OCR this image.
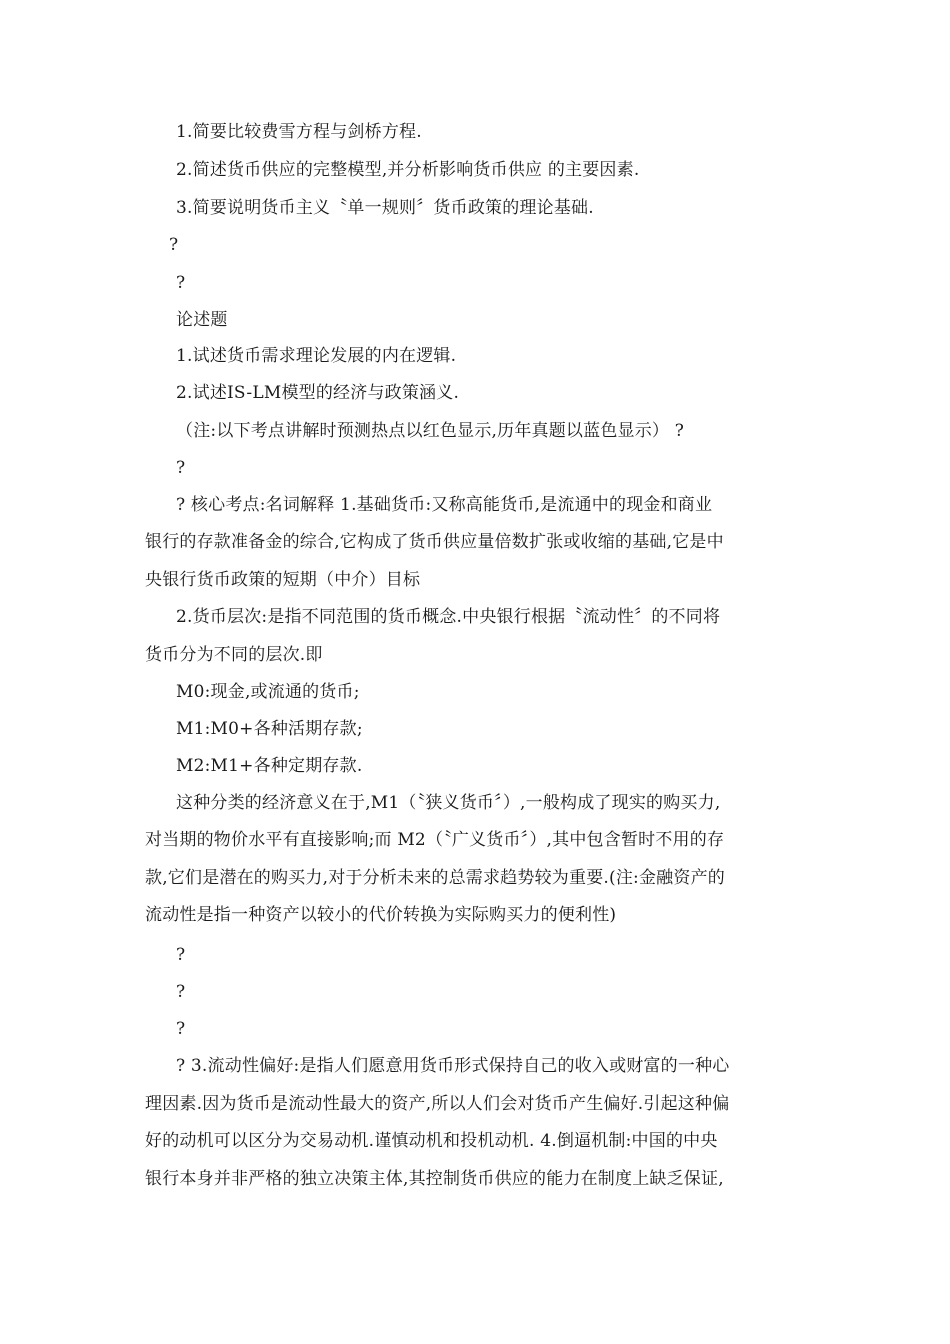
1.简要比较费雪方程与剑桥方程.
2.简述货币供应的完整模型,并分析影响货币供应 的主要因素.
3.简要说明货币主义〝单一规则〞货币政策的理论基础.
?
?
论述题
1.试述货币需求理论发展的内在逻辑.
2.试述IS-LM模型的经济与政策涵义.
（注:以下考点讲解时预测热点以红色显示,历年真题以蓝色显示） ?
?
? 核心考点:名词解释 1.基础货币:又称高能货币,是流通中的现金和商业
银行的存款准备金的综合,它构成了货币供应量倍数扩张或收缩的基础,它是中
央银行货币政策的短期（中介）目标
2.货币层次:是指不同范围的货币概念.中央银行根据〝流动性〞的不同将
货币分为不同的层次.即
M0:现金,或流通的货币;
M1:M0+各种活期存款;
M2:M1+各种定期存款.
这种分类的经济意义在于,M1（〝狭义货币〞）,一般构成了现实的购买力,
对当期的物价水平有直接影响;而 M2（〝广义货币〞）,其中包含暂时不用的存
款,它们是潜在的购买力,对于分析未来的总需求趋势较为重要.(注:金融资产的
流动性是指一种资产以较小的代价转换为实际购买力的便利性)
?
?
?
? 3.流动性偏好:是指人们愿意用货币形式保持自己的收入或财富的一种心
理因素.因为货币是流动性最大的资产,所以人们会对货币产生偏好.引起这种偏
好的动机可以区分为交易动机.谨慎动机和投机动机. 4.倒逼机制:中国的中央
银行本身并非严格的独立决策主体,其控制货币供应的能力在制度上缺乏保证,
